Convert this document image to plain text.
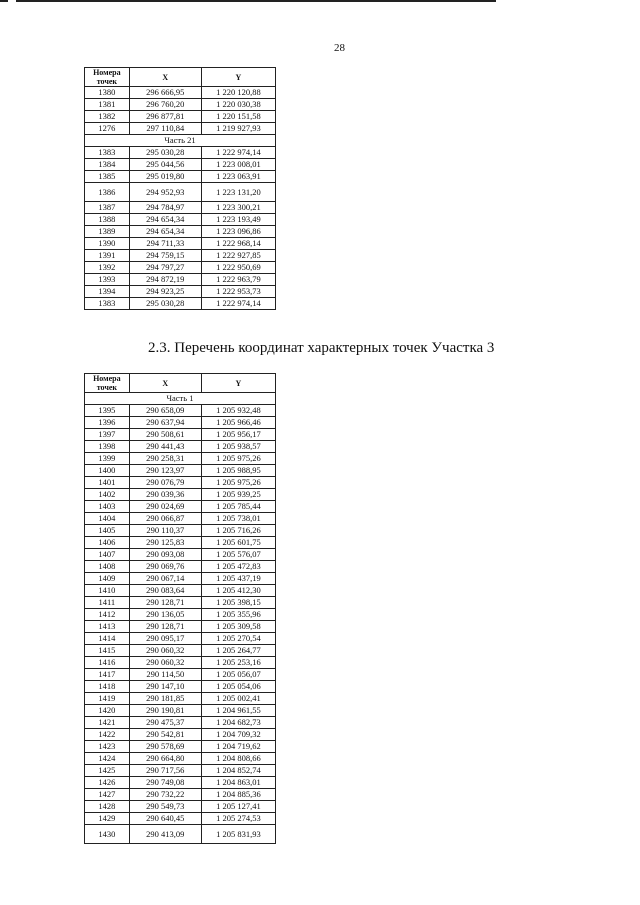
28
Номера точек	X	Y
1380	296 666,95	1 220 120,88
1381	296 760,20	1 220 030,38
1382	296 877,81	1 220 151,58
1276	297 110,84	1 219 927,93
Часть 21		
1383	295 030,28	1 222 974,14
1384	295 044,56	1 223 008,01
1385	295 019,80	1 223 063,91
1386	294 952,93	1 223 131,20
1387	294 784,97	1 223 300,21
1388	294 654,34	1 223 193,49
1389	294 654,34	1 223 096,86
1390	294 711,33	1 222 968,14
1391	294 759,15	1 222 927,85
1392	294 797,27	1 222 950,69
1393	294 872,19	1 222 963,79
1394	294 923,25	1 222 953,73
1383	295 030,28	1 222 974,14
2.3. Перечень координат характерных точек Участка 3
Номера точек	X	Y
Часть 1		
1395	290 658,09	1 205 932,48
1396	290 637,94	1 205 966,46
1397	290 508,61	1 205 956,17
1398	290 441,43	1 205 938,57
1399	290 258,31	1 205 975,26
1400	290 123,97	1 205 988,95
1401	290 076,79	1 205 975,26
1402	290 039,36	1 205 939,25
1403	290 024,69	1 205 785,44
1404	290 066,87	1 205 738,01
1405	290 110,37	1 205 716,26
1406	290 125,83	1 205 601,75
1407	290 093,08	1 205 576,07
1408	290 069,76	1 205 472,83
1409	290 067,14	1 205 437,19
1410	290 083,64	1 205 412,30
1411	290 128,71	1 205 398,15
1412	290 136,05	1 205 355,96
1413	290 128,71	1 205 309,58
1414	290 095,17	1 205 270,54
1415	290 060,32	1 205 264,77
1416	290 060,32	1 205 253,16
1417	290 114,50	1 205 056,07
1418	290 147,10	1 205 054,06
1419	290 181,85	1 205 002,41
1420	290 190,81	1 204 961,55
1421	290 475,37	1 204 682,73
1422	290 542,81	1 204 709,32
1423	290 578,69	1 204 719,62
1424	290 664,80	1 204 808,66
1425	290 717,56	1 204 852,74
1426	290 749,08	1 204 863,01
1427	290 732,22	1 204 885,36
1428	290 549,73	1 205 127,41
1429	290 640,45	1 205 274,53
1430	290 413,09	1 205 831,93
